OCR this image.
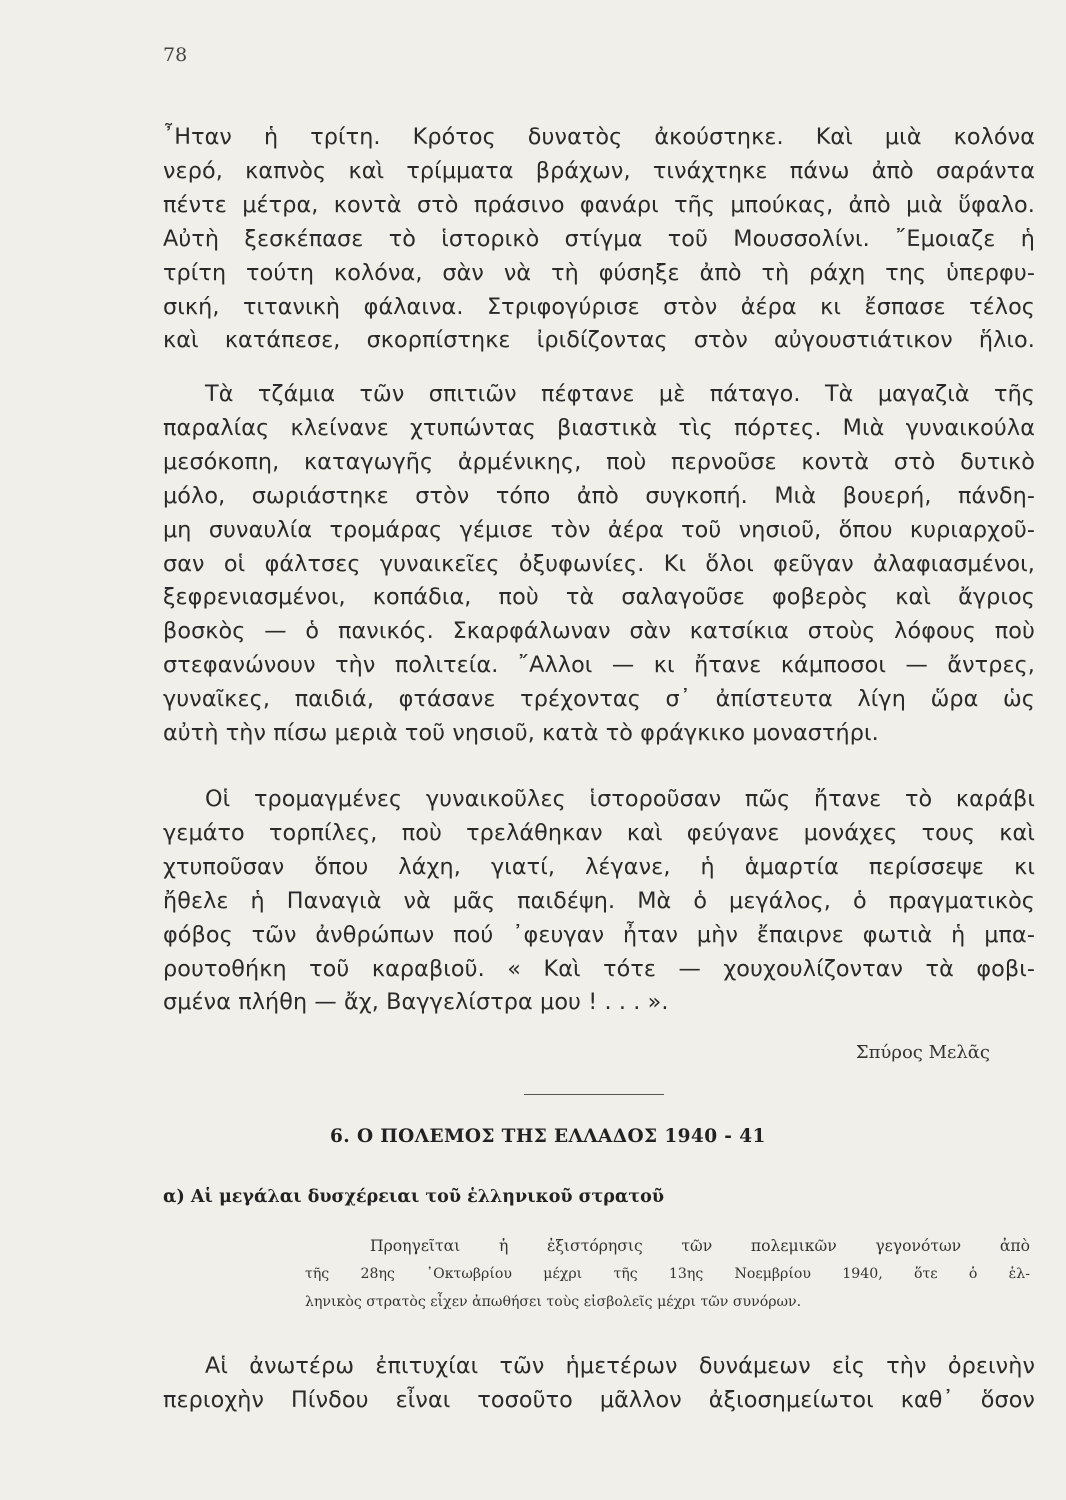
78
῏Ηταν ἡ τρίτη. Κρότος δυνατὸς ἀκούστηκε. Καὶ μιὰ κολόνα
νερό, καπνὸς καὶ τρίμματα βράχων, τινάχτηκε πάνω ἀπὸ σαράντα
πέντε μέτρα, κοντὰ στὸ πράσινο φανάρι τῆς μπούκας, ἀπὸ μιὰ ὕφαλο.
Αὐτὴ ξεσκέπασε τὸ ἱστορικὸ στίγμα τοῦ Μουσσολίνι. ῎Εμοιαζε ἡ
τρίτη τούτη κολόνα, σὰν νὰ τὴ φύσηξε ἀπὸ τὴ ράχη της ὑπερφυ-
σική, τιτανικὴ φάλαινα. Στριφογύρισε στὸν ἀέρα κι ἔσπασε τέλος
καὶ κατάπεσε, σκορπίστηκε ἰριδίζοντας στὸν αὐγουστιάτικον ἥλιο.
Τὰ τζάμια τῶν σπιτιῶν πέφτανε μὲ πάταγο. Τὰ μαγαζιὰ τῆς
παραλίας κλείνανε χτυπώντας βιαστικὰ τὶς πόρτες. Μιὰ γυναικούλα
μεσόκοπη, καταγωγῆς ἀρμένικης, ποὺ περνοῦσε κοντὰ στὸ δυτικὸ
μόλο, σωριάστηκε στὸν τόπο ἀπὸ συγκοπή. Μιὰ βουερή, πάνδη-
μη συναυλία τρομάρας γέμισε τὸν ἀέρα τοῦ νησιοῦ, ὅπου κυριαρχοῦ-
σαν οἱ φάλτσες γυναικεῖες ὀξυφωνίες. Κι ὅλοι φεῦγαν ἀλαφιασμένοι,
ξεφρενιασμένοι, κοπάδια, ποὺ τὰ σαλαγοῦσε φοβερὸς καὶ ἄγριος
βοσκὸς — ὁ πανικός. Σκαρφάλωναν σὰν κατσίκια στοὺς λόφους ποὺ
στεφανώνουν τὴν πολιτεία. ῎Αλλοι — κι ἤτανε κάμποσοι — ἄντρες,
γυναῖκες, παιδιά, φτάσανε τρέχοντας σ᾿ ἀπίστευτα λίγη ὥρα ὡς
αὐτὴ τὴν πίσω μεριὰ τοῦ νησιοῦ, κατὰ τὸ φράγκικο μοναστήρι.
Οἱ τρομαγμένες γυναικοῦλες ἱστοροῦσαν πῶς ἤτανε τὸ καράβι
γεμάτο τορπίλες, ποὺ τρελάθηκαν καὶ φεύγανε μονάχες τους καὶ
χτυποῦσαν ὅπου λάχη, γιατί, λέγανε, ἡ ἁμαρτία περίσσεψε κι
ἤθελε ἡ Παναγιὰ νὰ μᾶς παιδέψη. Μὰ ὁ μεγάλος, ὁ πραγματικὸς
φόβος τῶν ἀνθρώπων πού ᾿φευγαν ἦταν μὴν ἔπαιρνε φωτιὰ ἡ μπα-
ρουτοθήκη τοῦ καραβιοῦ. « Καὶ τότε — χουχουλίζονταν τὰ φοβι-
σμένα πλήθη — ἄχ, Βαγγελίστρα μου ! . . . ».
Σπύρος Μελᾶς
6. Ο ΠΟΛΕΜΟΣ ΤΗΣ ΕΛΛΑΔΟΣ 1940 - 41
α) Αἱ μεγάλαι δυσχέρειαι τοῦ ἑλληνικοῦ στρατοῦ
Προηγεῖται ἡ ἐξιστόρησις τῶν πολεμικῶν γεγονότων ἀπὸ
τῆς 28ης ᾿Οκτωβρίου μέχρι τῆς 13ης Νοεμβρίου 1940, ὅτε ὁ ἑλ-
ληνικὸς στρατὸς εἶχεν ἀπωθήσει τοὺς εἰσβολεῖς μέχρι τῶν συνόρων.
Αἱ ἀνωτέρω ἐπιτυχίαι τῶν ἡμετέρων δυνάμεων εἰς τὴν ὀρεινὴν
περιοχὴν Πίνδου εἶναι τοσοῦτο μᾶλλον ἀξιοσημείωτοι καθ᾿ ὅσον
